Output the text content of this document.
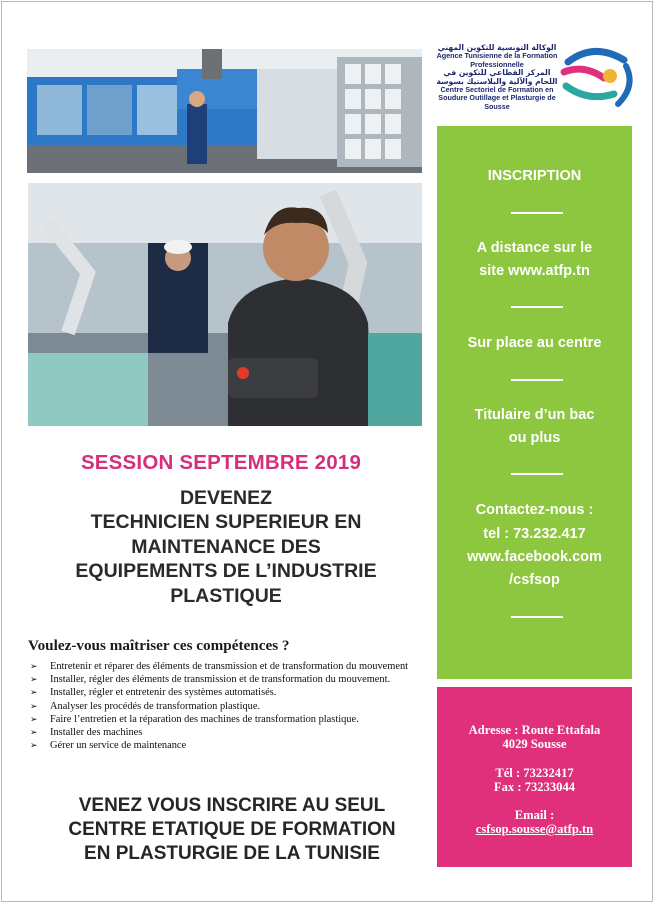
الوكالة التونسية للتكوين المهني
Agence Tunisienne de la Formation Professionnelle
المركز القطاعي للتكوين في اللحام والآلية والبلاستيك بسوسة
Centre Sectoriel de Formation en Soudure Outillage et Plasturgie de Sousse
INSCRIPTION
A distance sur le
site www.atfp.tn
Sur place au centre
Titulaire d’un bac
ou plus
Contactez-nous :
tel : 73.232.417
www.facebook.com
/csfsop
Adresse : Route Ettafala
4029 Sousse
Tél : 73232417
Fax : 73233044
Email :
csfsop.sousse@atfp.tn
SESSION SEPTEMBRE 2019
DEVENEZ
TECHNICIEN SUPERIEUR EN
MAINTENANCE DES
EQUIPEMENTS DE L’INDUSTRIE
PLASTIQUE
Voulez-vous maîtriser ces compétences ?
➢ Entretenir et réparer des éléments de transmission et de transformation du mouvement
➢ Installer, régler des éléments de transmission et de transformation du mouvement.
➢ Installer, régler et entretenir des systèmes automatisés.
➢ Analyser les procédés de transformation plastique.
➢ Faire l’entretien et la réparation des machines de transformation plastique.
➢ Installer des machines
➢ Gérer un service de maintenance
VENEZ VOUS INSCRIRE AU SEUL
CENTRE ETATIQUE DE FORMATION
EN PLASTURGIE DE LA TUNISIE
